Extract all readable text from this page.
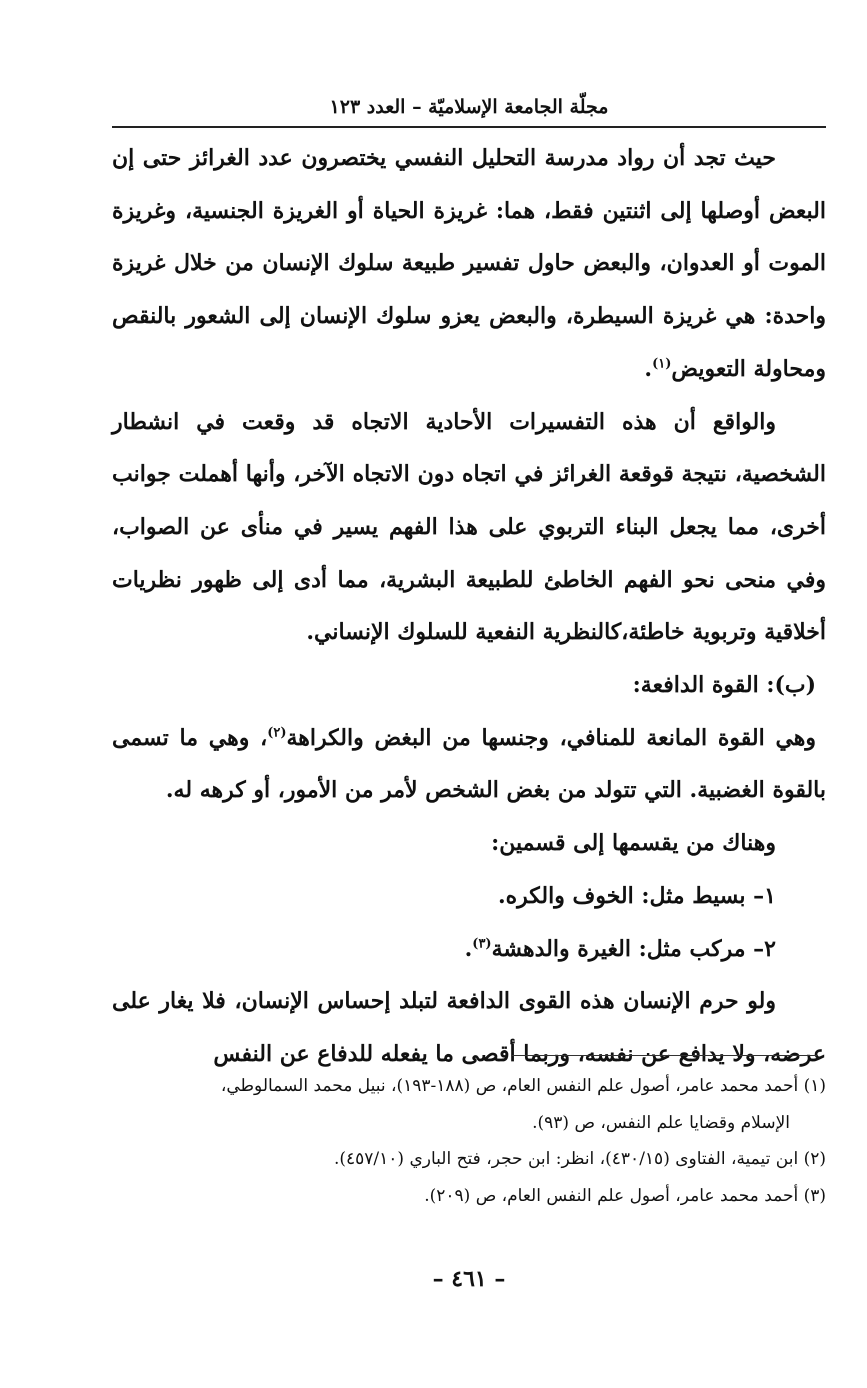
مجلّة الجامعة الإسلاميّة – العدد ١٢٣

حيث تجد أن رواد مدرسة التحليل النفسي يختصرون عدد الغرائز حتى إن البعض أوصلها إلى اثنتين فقط، هما: غريزة الحياة أو الغريزة الجنسية، وغريزة الموت أو العدوان، والبعض حاول تفسير طبيعة سلوك الإنسان من خلال غريزة واحدة: هي غريزة السيطرة، والبعض يعزو سلوك الإنسان إلى الشعور بالنقص ومحاولة التعويض$^{(١)}$.

والواقع أن هذه التفسيرات الأحادية الاتجاه قد وقعت في انشطار الشخصية، نتيجة قوقعة الغرائز في اتجاه دون الاتجاه الآخر، وأنها أهملت جوانب أخرى، مما يجعل البناء التربوي على هذا الفهم يسير في منأى عن الصواب، وفي منحى نحو الفهم الخاطئ للطبيعة البشرية، مما أدى إلى ظهور نظريات أخلاقية وتربوية خاطئة،كالنظرية النفعية للسلوك الإنساني.

(ب): القوة الدافعة:

وهي القوة المانعة للمنافي، وجنسها من البغض والكراهة$^{(٢)}$، وهي ما تسمى بالقوة الغضبية. التي تتولد من بغض الشخص لأمر من الأمور، أو كرهه له.

وهناك من يقسمها إلى قسمين:

١– بسيط مثل: الخوف والكره.

٢– مركب مثل: الغيرة والدهشة$^{(٣)}$.

ولو حرم الإنسان هذه القوى الدافعة لتبلد إحساس الإنسان، فلا يغار على عرضه، ولا يدافع عن نفسه، وربما أقصى ما يفعله للدفاع عن النفس

(١) أحمد محمد عامر، أصول علم النفس العام، ص (١٨٨-١٩٣)، نبيل محمد السمالوطي،

الإسلام وقضايا علم النفس، ص (٩٣).

(٢) ابن تيمية، الفتاوى (٤٣٠/١٥)، انظر: ابن حجر، فتح الباري (٤٥٧/١٠).

(٣) أحمد محمد عامر، أصول علم النفس العام، ص (٢٠٩).

– ٤٦١ –
